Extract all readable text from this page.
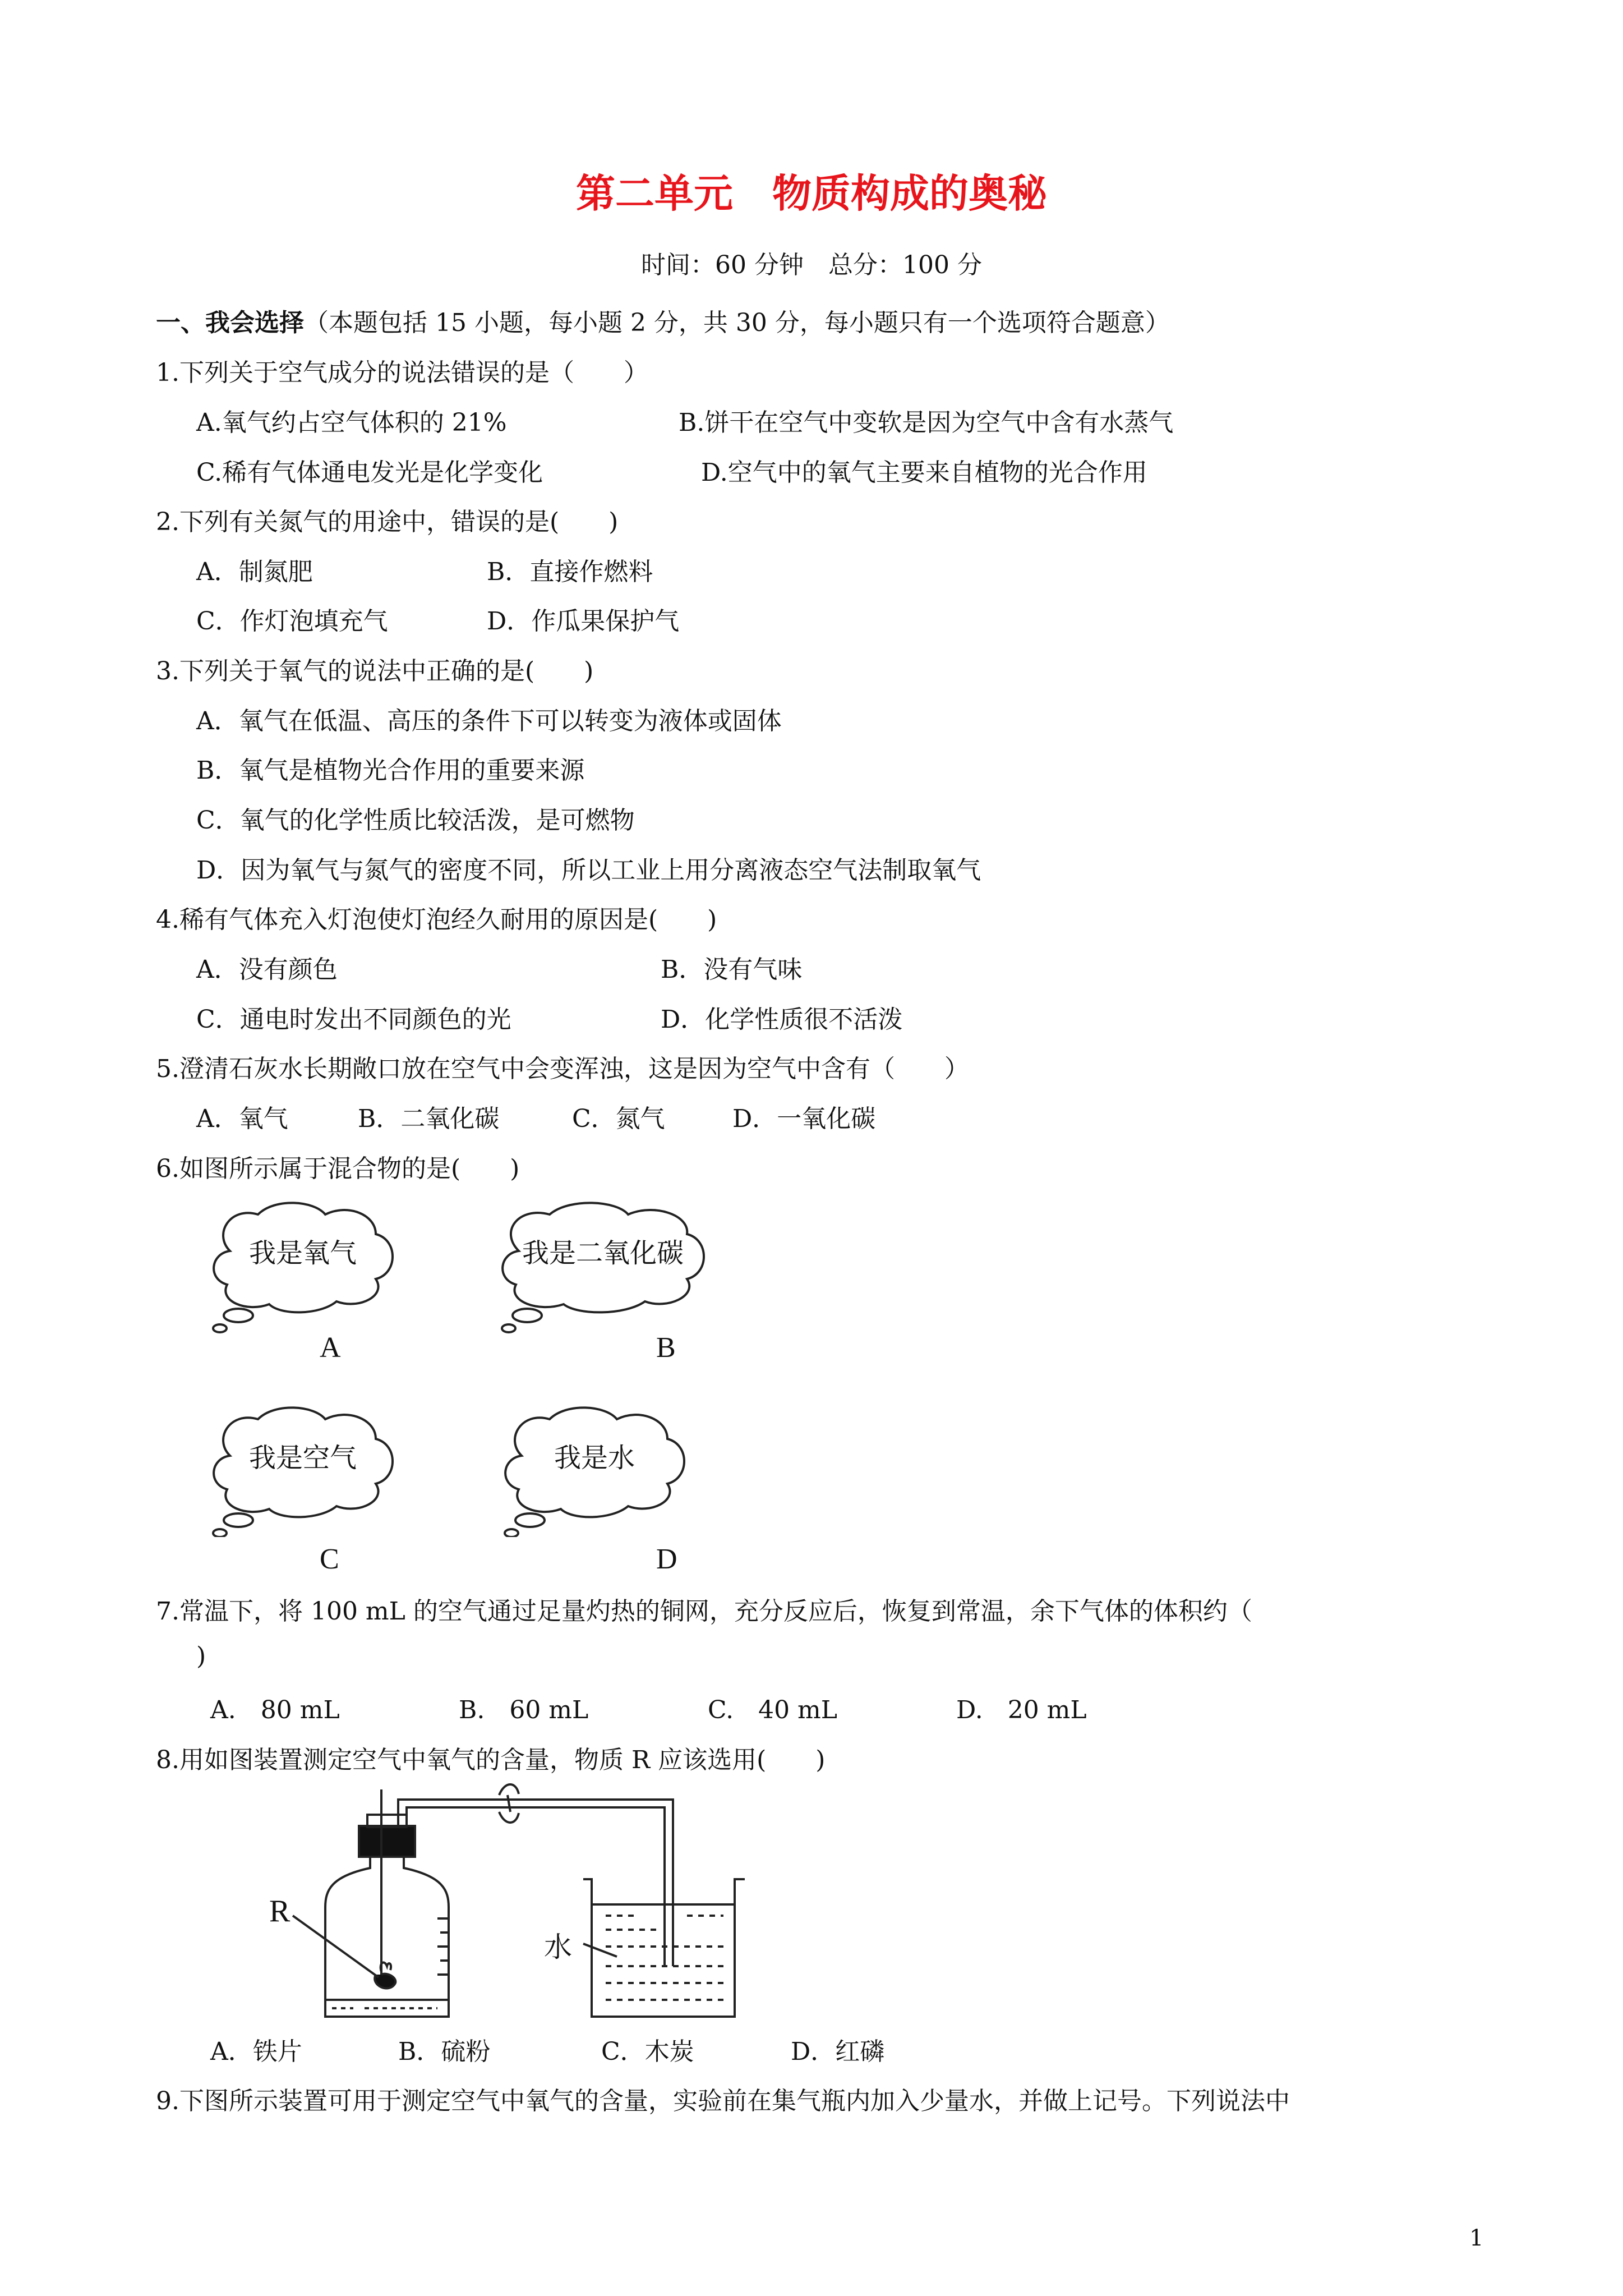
第二单元　物质构成的奥秘
时间：60 分钟　总分：100 分
一、我会选择（本题包括 15 小题，每小题 2 分，共 30 分，每小题只有一个选项符合题意）
1.下列关于空气成分的说法错误的是（　　）
A.氧气约占空气体积的 21%	B.饼干在空气中变软是因为空气中含有水蒸气
C.稀有气体通电发光是化学变化	D.空气中的氧气主要来自植物的光合作用
2.下列有关氮气的用途中，错误的是(　　)
A．制氮肥	B．直接作燃料
C．作灯泡填充气	D．作瓜果保护气
3.下列关于氧气的说法中正确的是(　　)
A．氧气在低温、高压的条件下可以转变为液体或固体
B．氧气是植物光合作用的重要来源
C．氧气的化学性质比较活泼，是可燃物
D．因为氧气与氮气的密度不同，所以工业上用分离液态空气法制取氧气
4.稀有气体充入灯泡使灯泡经久耐用的原因是(　　)
A．没有颜色	B．没有气味
C．通电时发出不同颜色的光	D．化学性质很不活泼
5.澄清石灰水长期敞口放在空气中会变浑浊，这是因为空气中含有（　　）
A．氧气	B．二氧化碳	C．氮气	D．一氧化碳
6.如图所示属于混合物的是(　　)
我是氧气	我是二氧化碳
我是空气	我是水
A	B
C	D
7.常温下，将 100 mL 的空气通过足量灼热的铜网，充分反应后，恢复到常温，余下气体的体积约（
)
A.　80 mL	B.　60 mL	C.　40 mL	D.　20 mL
8.用如图装置测定空气中氧气的含量，物质 R 应该选用(　　)
R
水
A．铁片	B．硫粉	C．木炭	D．红磷
9.下图所示装置可用于测定空气中氧气的含量，实验前在集气瓶内加入少量水，并做上记号。下列说法中
1
